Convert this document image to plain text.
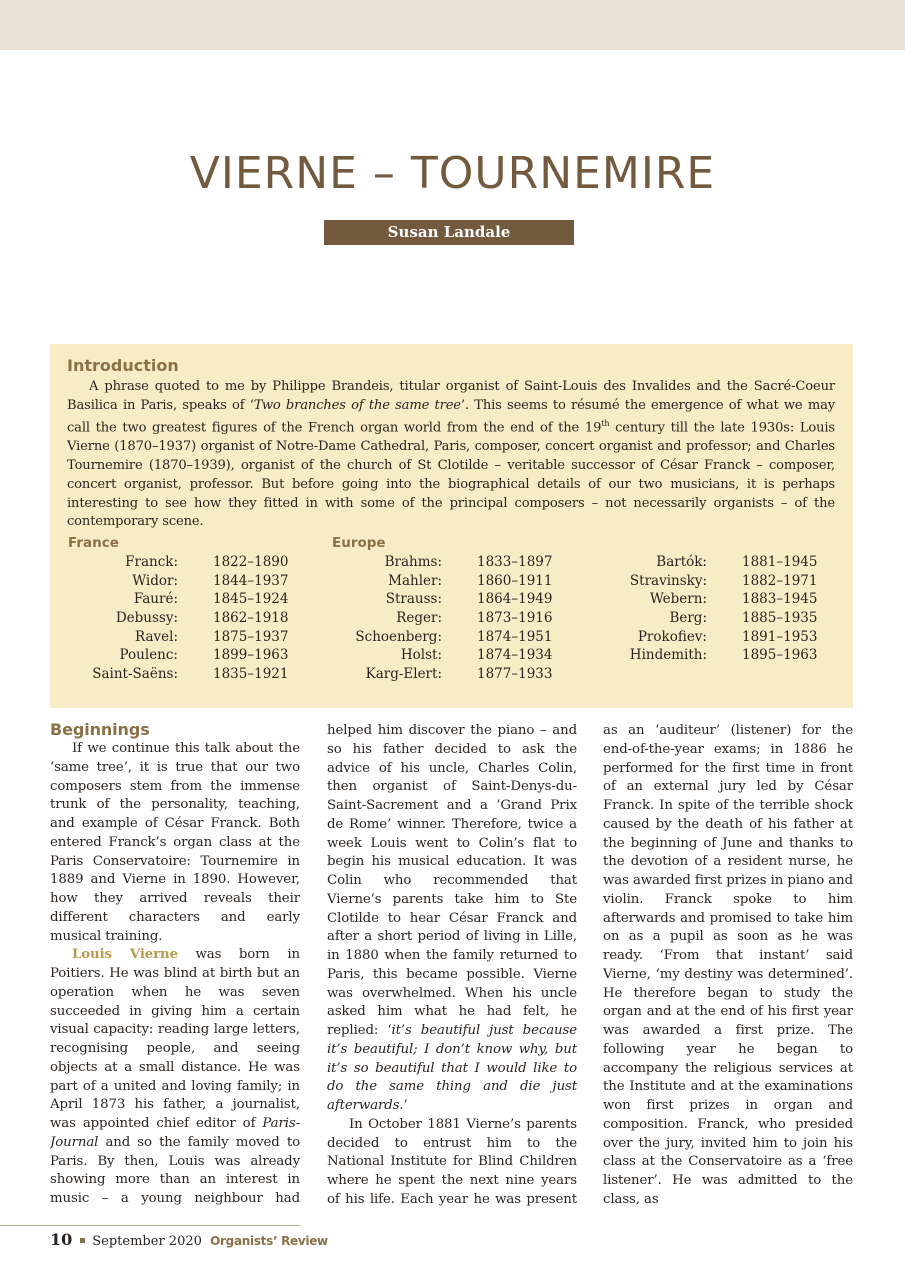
VIERNE – TOURNEMIRE
Susan Landale
Introduction

A phrase quoted to me by Philippe Brandeis, titular organist of Saint-Louis des Invalides and the Sacré-Coeur Basilica in Paris, speaks of ‘Two branches of the same tree’. This seems to résumé the emergence of what we may call the two greatest figures of the French organ world from the end of the 19th century till the late 1930s: Louis Vierne (1870–1937) organist of Notre-Dame Cathedral, Paris, composer, concert organist and professor; and Charles Tournemire (1870–1939), organist of the church of St Clotilde – veritable successor of César Franck – composer, concert organist, professor. But before going into the biographical details of our two musicians, it is perhaps interesting to see how they fitted in with some of the principal composers – not necessarily organists – of the contemporary scene.

France	Europe
Franck:	1822–1890
Widor:	1844–1937
Fauré:	1845–1924
Debussy:	1862–1918
Ravel:	1875–1937
Poulenc:	1899–1963
Saint-Saëns:	1835–1921
Brahms:	1833–1897
Mahler:	1860–1911
Strauss:	1864–1949
Reger:	1873–1916
Schoenberg:	1874–1951
Holst:	1874–1934
Karg-Elert:	1877–1933
Bartók:	1881–1945
Stravinsky:	1882–1971
Webern:	1883–1945
Berg:	1885–1935
Prokofiev:	1891–1953
Hindemith:	1895–1963
Beginnings

If we continue this talk about the ‘same tree’, it is true that our two composers stem from the immense trunk of the personality, teaching, and example of César Franck. Both entered Franck’s organ class at the Paris Conservatoire: Tournemire in 1889 and Vierne in 1890. However, how they arrived reveals their different characters and early musical training.

Louis Vierne was born in Poitiers. He was blind at birth but an operation when he was seven succeeded in giving him a certain visual capacity: reading large letters, recognising people, and seeing objects at a small distance. He was part of a united and loving family; in April 1873 his father, a journalist, was appointed chief editor of Paris-Journal and so the family moved to Paris. By then, Louis was already showing more than an interest in music – a young neighbour had

helped him discover the piano – and so his father decided to ask the advice of his uncle, Charles Colin, then organist of Saint-Denys-du-Saint-Sacrement and a ‘Grand Prix de Rome’ winner. Therefore, twice a week Louis went to Colin’s flat to begin his musical education. It was Colin who recommended that Vierne’s parents take him to Ste Clotilde to hear César Franck and after a short period of living in Lille, in 1880 when the family returned to Paris, this became possible. Vierne was overwhelmed. When his uncle asked him what he had felt, he replied: ‘it’s beautiful just because it’s beautiful; I don’t know why, but it’s so beautiful that I would like to do the same thing and die just afterwards.’

In October 1881 Vierne’s parents decided to entrust him to the National Institute for Blind Children where he spent the next nine years of his life. Each year he was present

as an ‘auditeur’ (listener) for the end-of-the-year exams; in 1886 he performed for the first time in front of an external jury led by César Franck. In spite of the terrible shock caused by the death of his father at the beginning of June and thanks to the devotion of a resident nurse, he was awarded first prizes in piano and violin. Franck spoke to him afterwards and promised to take him on as a pupil as soon as he was ready. ‘From that instant’ said Vierne, ‘my destiny was determined’. He therefore began to study the organ and at the end of his first year was awarded a first prize. The following year he began to accompany the religious services at the Institute and at the examinations won first prizes in organ and composition. Franck, who presided over the jury, invited him to join his class at the Conservatoire as a ‘free listener’. He was admitted to the class, as

10 September 2020 Organists’ Review
